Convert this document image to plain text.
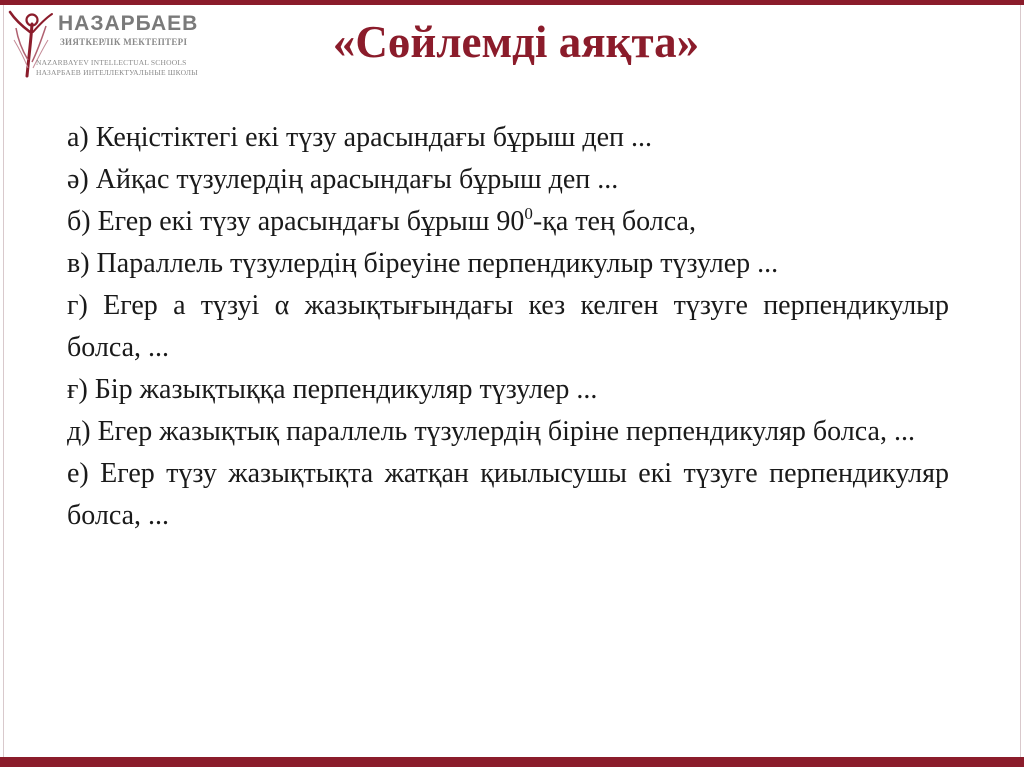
НАЗАРБАЕВ
ЗИЯТКЕРЛІК МЕКТЕПТЕРІ
NAZARBAYEV INTELLECTUAL SCHOOLS
НАЗАРБАЕВ ИНТЕЛЛЕКТУАЛЬНЫЕ ШКОЛЫ
«Сөйлемді аяқта»

а) Кеңістіктегі екі түзу арасындағы бұрыш деп ...

ә) Айқас түзулердің арасындағы бұрыш деп ...

б) Егер екі түзу арасындағы бұрыш $90^0-қа$ тең болса,

в) Параллель түзулердің біреуіне перпендикулыр түзулер ...

г) Егер а түзуі α жазықтығындағы кез келген түзуге перпендикулыр болса, ...

ғ) Бір жазықтыққа перпендикуляр түзулер ...

д) Егер жазықтық параллель түзулердің біріне перпендикуляр болса, ...

е) Егер түзу жазықтықта жатқан қиылысушы екі түзуге перпендикуляр болса, ...
